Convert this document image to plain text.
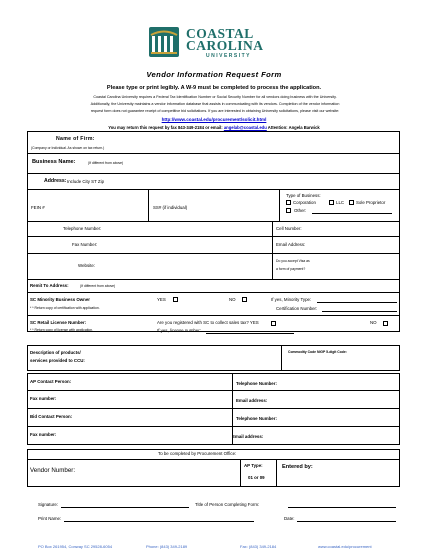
COASTAL
CAROLINA
UNIVERSITY
Vendor Information Request Form
Please type or print legibly. A W-9 must be completed to process the application.
Coastal Carolina University requires a Federal Tax Identification Number or Social Security Number for all vendors doing business with the University.
Additionally, the University maintains a vendor information database that assists in communicating with its vendors. Completion of the vendor information
request form does not guarantee receipt of competitive bid solicitations. If you are interested in obtaining University solicitations, please visit our website:
http://www.coastal.edu/procurement/solicit.html
You may return this request by fax 843-349-2184 or email: angelab@coastal.edu Attention: Angela Barwick
Name of Firm:
(Company or Individual. As shown on tax return.)
Business Name:	(If different from above)
Address: Include City ST Zip
FEIN #	SS# (if individual)
Type of Business:
Corporation	LLC	Sole Proprietor
Other:
Telephone Number:	Cell Number:
Fax Number:	Email Address:
Website:
Do you accept Visa as
a form of payment?
Remit To Address:	(If different from above)
SC Minority Business Owner
* * Return copy of certification with application.
YES	NO	If yes, Minority Type:
Certification Number:
SC Retail License Number:
* * Return copy of license with application.
Are you registered with SC to collect sales tax? YES	NO
If yes, license number:
Description of products/
services provided to CCU:
Commodity Code NIGP 5-digit Code:
AP Contact Person:	Telephone Number:
Fax number:	Email address:
Bid Contact Person:	Telephone Number:
Fax number:	Email address:
To be completed by Procurement Office:
Vendor Number:
AP Type:
01 or 09
Entered by:
Signature:	Title of Person Completing Form:
Print Name:	Date:
PO Box 261954, Conway SC 29528-6054	Phone: (843) 349-2189	Fax: (843) 349-2184	www.coastal.edu/procurement
